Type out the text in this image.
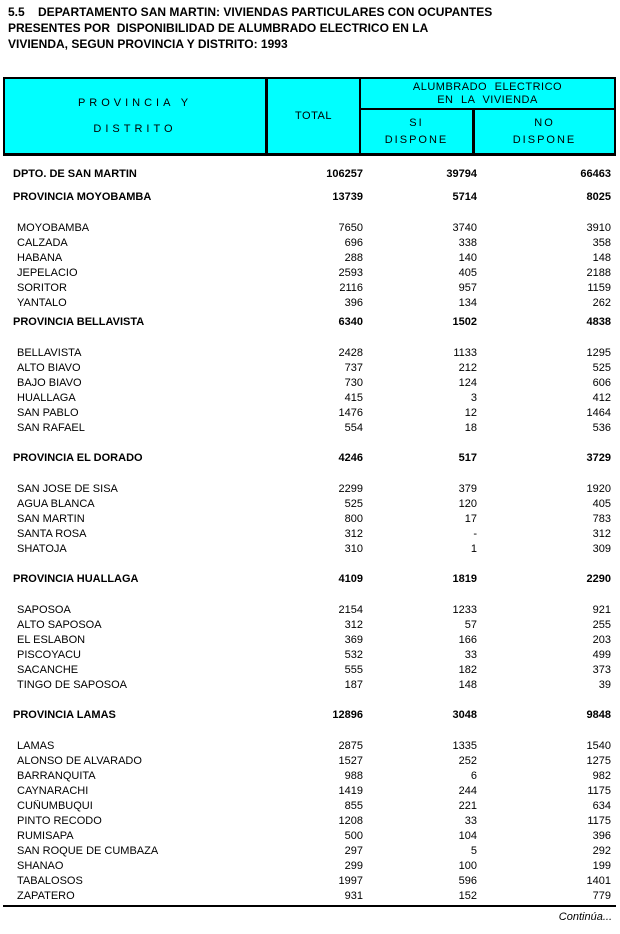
5.5    DEPARTAMENTO SAN MARTIN: VIVIENDAS PARTICULARES CON OCUPANTES
PRESENTES POR  DISPONIBILIDAD DE ALUMBRADO ELECTRICO EN LA
VIVIENDA, SEGUN PROVINCIA Y DISTRITO: 1993
PROVINCIA Y
DISTRITO
TOTAL
ALUMBRADO ELECTRICO
EN LA VIVIENDA
SI
DISPONE
NO
DISPONE
DPTO. DE SAN MARTIN	106257	39794	66463
PROVINCIA MOYOBAMBA	13739	5714	8025
MOYOBAMBA	7650	3740	3910
CALZADA	696	338	358
HABANA	288	140	148
JEPELACIO	2593	405	2188
SORITOR	2116	957	1159
YANTALO	396	134	262
PROVINCIA BELLAVISTA	6340	1502	4838
BELLAVISTA	2428	1133	1295
ALTO BIAVO	737	212	525
BAJO BIAVO	730	124	606
HUALLAGA	415	3	412
SAN PABLO	1476	12	1464
SAN RAFAEL	554	18	536
PROVINCIA EL DORADO	4246	517	3729
SAN JOSE DE SISA	2299	379	1920
AGUA BLANCA	525	120	405
SAN MARTIN	800	17	783
SANTA ROSA	312	-	312
SHATOJA	310	1	309
PROVINCIA HUALLAGA	4109	1819	2290
SAPOSOA	2154	1233	921
ALTO SAPOSOA	312	57	255
EL ESLABON	369	166	203
PISCOYACU	532	33	499
SACANCHE	555	182	373
TINGO DE SAPOSOA	187	148	39
PROVINCIA LAMAS	12896	3048	9848
LAMAS	2875	1335	1540
ALONSO DE ALVARADO	1527	252	1275
BARRANQUITA	988	6	982
CAYNARACHI	1419	244	1175
CUÑUMBUQUI	855	221	634
PINTO RECODO	1208	33	1175
RUMISAPA	500	104	396
SAN ROQUE DE CUMBAZA	297	5	292
SHANAO	299	100	199
TABALOSOS	1997	596	1401
ZAPATERO	931	152	779
Continúa...
